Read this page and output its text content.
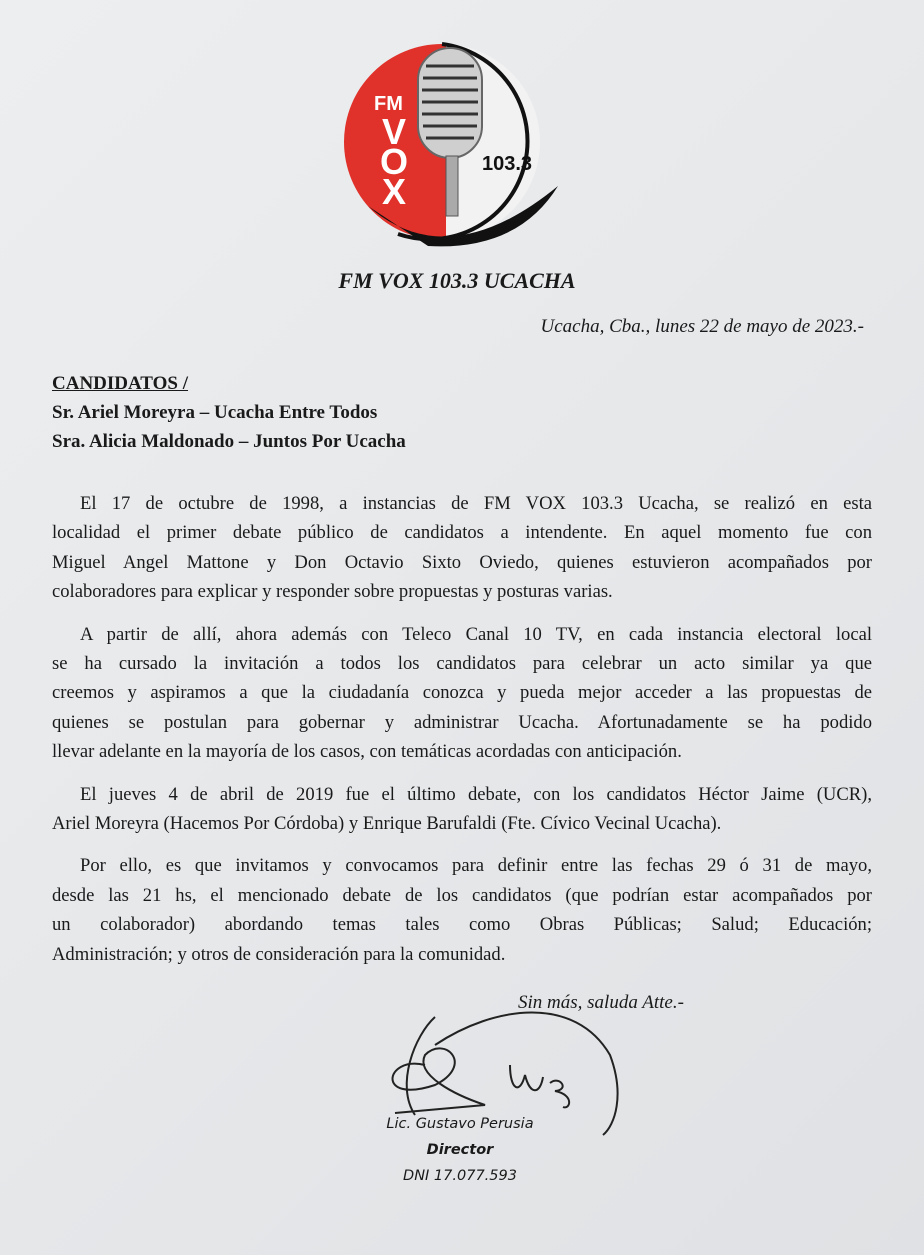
FM
V
O
X
103.3
FM VOX 103.3 UCACHA
Ucacha, Cba., lunes 22 de mayo de 2023.-
CANDIDATOS /
Sr. Ariel Moreyra – Ucacha Entre Todos
Sra. Alicia Maldonado – Juntos Por Ucacha
El 17 de octubre de 1998, a instancias de FM VOX 103.3 Ucacha, se realizó en esta
localidad el primer debate público de candidatos a intendente. En aquel momento fue con
Miguel Angel Mattone y Don Octavio Sixto Oviedo, quienes estuvieron acompañados por
colaboradores para explicar y responder sobre propuestas y posturas varias.
A partir de allí, ahora además con Teleco Canal 10 TV, en cada instancia electoral local
se ha cursado la invitación a todos los candidatos para celebrar un acto similar ya que
creemos y aspiramos a que la ciudadanía conozca y pueda mejor acceder a las propuestas de
quienes se postulan para gobernar y administrar Ucacha. Afortunadamente se ha podido
llevar adelante en la mayoría de los casos, con temáticas acordadas con anticipación.
El jueves 4 de abril de 2019 fue el último debate, con los candidatos Héctor Jaime (UCR),
Ariel Moreyra (Hacemos Por Córdoba) y Enrique Barufaldi (Fte. Cívico Vecinal Ucacha).
Por ello, es que invitamos y convocamos para definir entre las fechas 29 ó 31 de mayo,
desde las 21 hs, el mencionado debate de los candidatos (que podrían estar acompañados por
un colaborador) abordando temas tales como Obras Públicas; Salud; Educación;
Administración; y otros de consideración para la comunidad.
Sin más, saluda Atte.-
Lic. Gustavo Perusia
Director
DNI 17.077.593
